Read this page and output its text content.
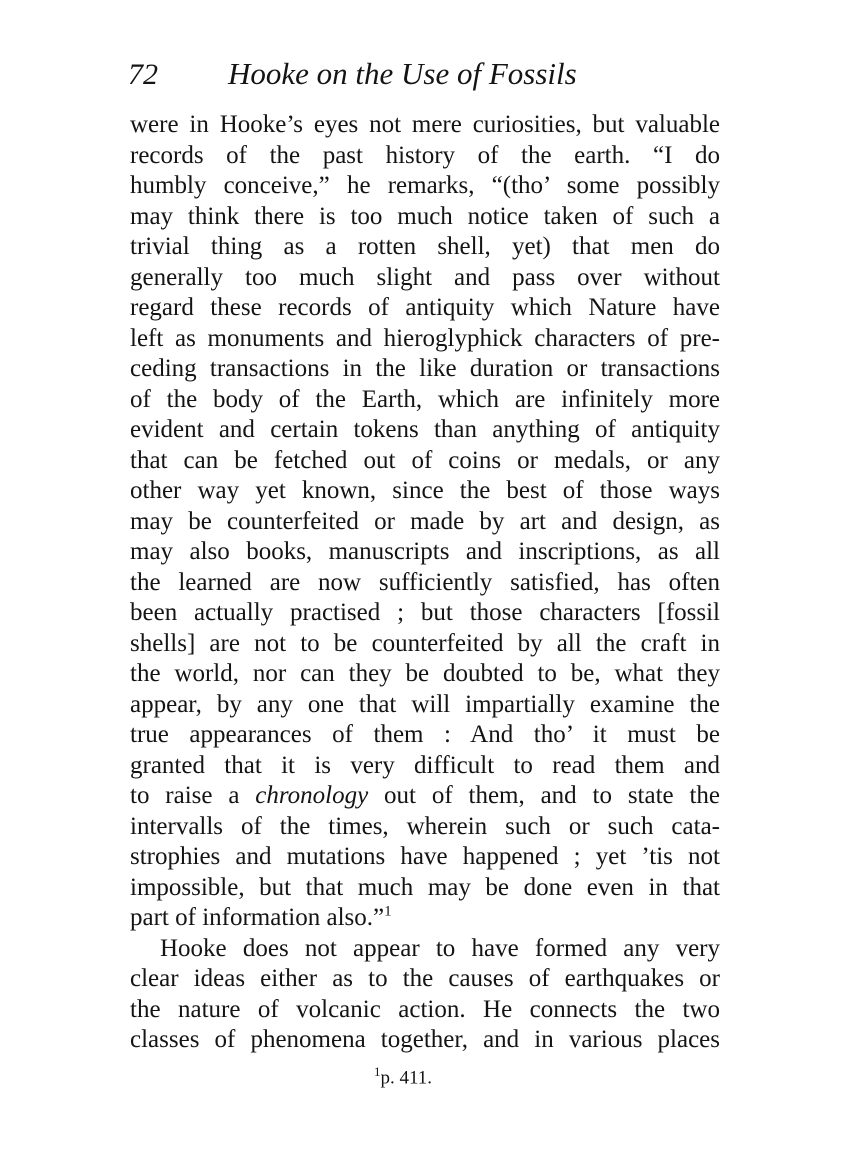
72 Hooke on the Use of Fossils
were in Hooke’s eyes not mere curiosities, but valuable
records of the past history of the earth. “I do
humbly conceive,” he remarks, “(tho’ some possibly
may think there is too much notice taken of such a
trivial thing as a rotten shell, yet) that men do
generally too much slight and pass over without
regard these records of antiquity which Nature have
left as monuments and hieroglyphick characters of pre-
ceding transactions in the like duration or transactions
of the body of the Earth, which are infinitely more
evident and certain tokens than anything of antiquity
that can be fetched out of coins or medals, or any
other way yet known, since the best of those ways
may be counterfeited or made by art and design, as
may also books, manuscripts and inscriptions, as all
the learned are now sufficiently satisfied, has often
been actually practised ; but those characters [fossil
shells] are not to be counterfeited by all the craft in
the world, nor can they be doubted to be, what they
appear, by any one that will impartially examine the
true appearances of them : And tho’ it must be
granted that it is very difficult to read them and
to raise a chronology out of them, and to state the
intervalls of the times, wherein such or such cata-
strophies and mutations have happened ; yet ’tis not
impossible, but that much may be done even in that
part of information also.”$^1$
Hooke does not appear to have formed any very
clear ideas either as to the causes of earthquakes or
the nature of volcanic action. He connects the two
classes of phenomena together, and in various places
$^1$p. 411.
